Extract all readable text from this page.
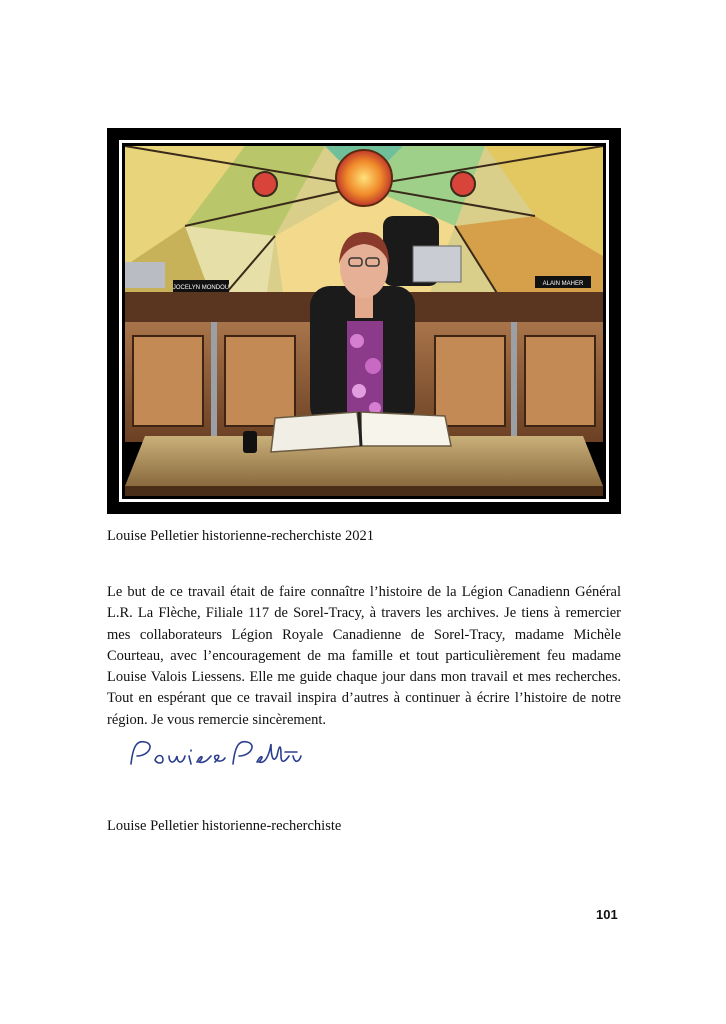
JOCELYN MONDOU
ALAIN MAHER

Louise Pelletier historienne-recherchiste 2021

Le but de ce travail était de faire connaître l’histoire de la Légion Canadienn Général L.R. La Flèche, Filiale 117 de Sorel-Tracy, à travers les archives. Je tiens à remercier mes collaborateurs Légion Royale Canadienne de Sorel-Tracy, madame Michèle Courteau, avec l’encouragement de ma famille et tout particulièrement feu madame Louise Valois Liessens. Elle me guide chaque jour dans mon travail et mes recherches. Tout en espérant que ce travail inspira d’autres à continuer à écrire l’histoire de notre région. Je vous remercie sincèrement.

Louise Pelletier historienne-recherchiste

101
